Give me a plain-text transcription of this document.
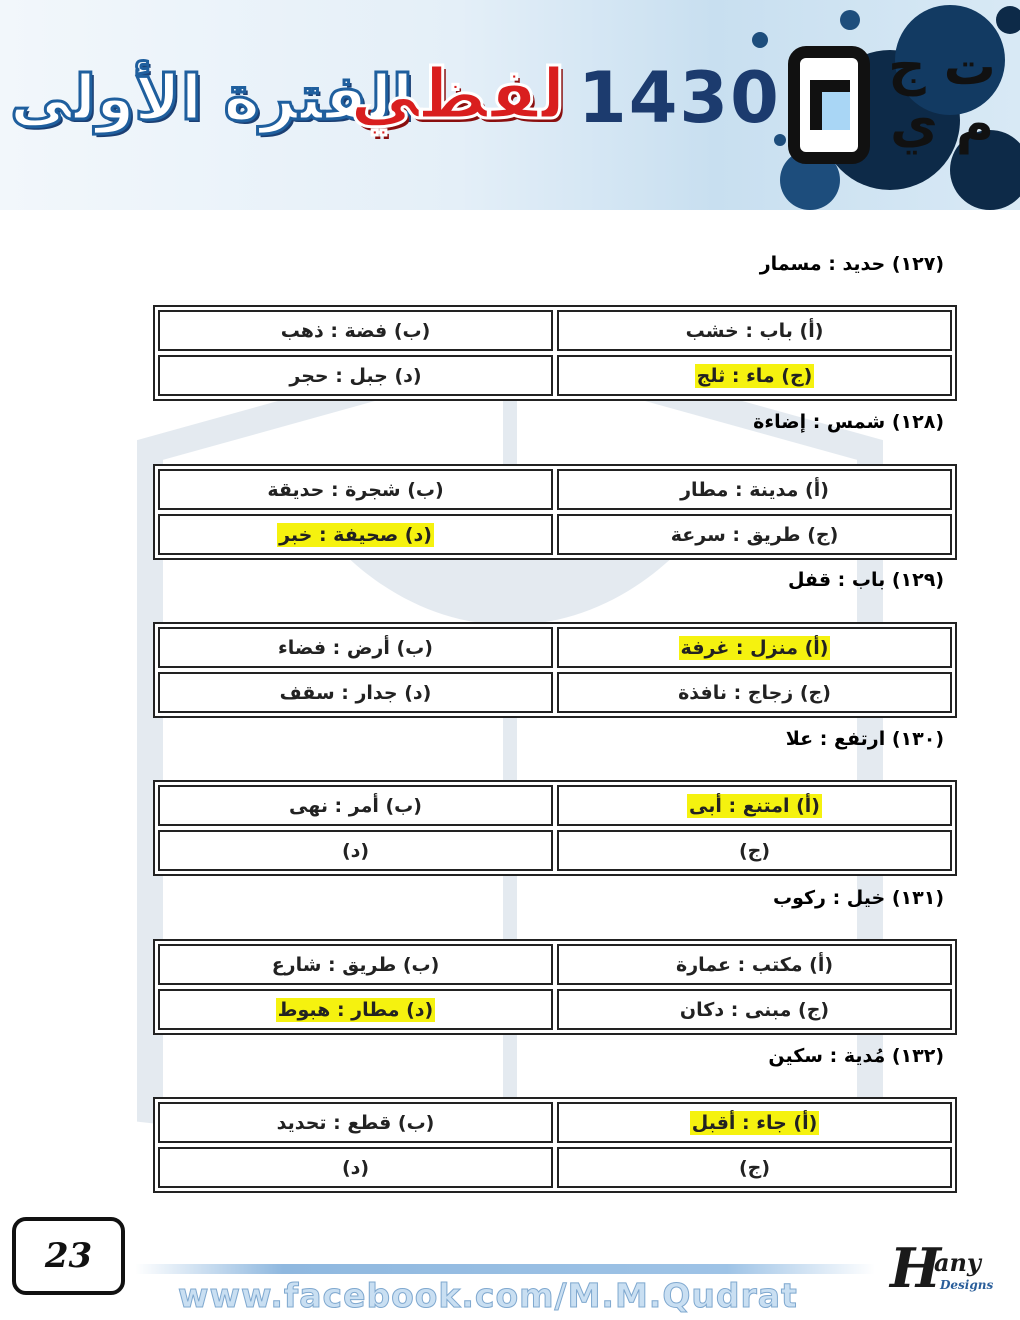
الفترة الأولى
لفظي 1430	ت ج م ي
(١٢٧) حديد : مسمار
(أ) باب : خشب
(ب) فضة : ذهب
(ج) ماء : ثلج
(د) جبل : حجر
(١٢٨) شمس : إضاءة
(أ) مدينة : مطار
(ب) شجرة : حديقة
(ج) طريق : سرعة
(د) صحيفة : خبر
(١٢٩) باب : قفل
(أ) منزل : غرفة
(ب) أرض : فضاء
(ج) زجاج : نافذة
(د) جدار : سقف
(١٣٠) ارتفع : علا
(أ) امتنع : أبى
(ب) أمر : نهى
(ج)
(د)
(١٣١) خيل : ركوب
(أ) مكتب : عمارة
(ب) طريق : شارع
(ج) مبنى : دكان
(د) مطار : هبوط
(١٣٢) مُدية : سكين
(أ) جاء : أقبل
(ب) قطع : تحديد
(ج)
(د)
23
www.facebook.com/M.M.Qudrat H
any
Designs
